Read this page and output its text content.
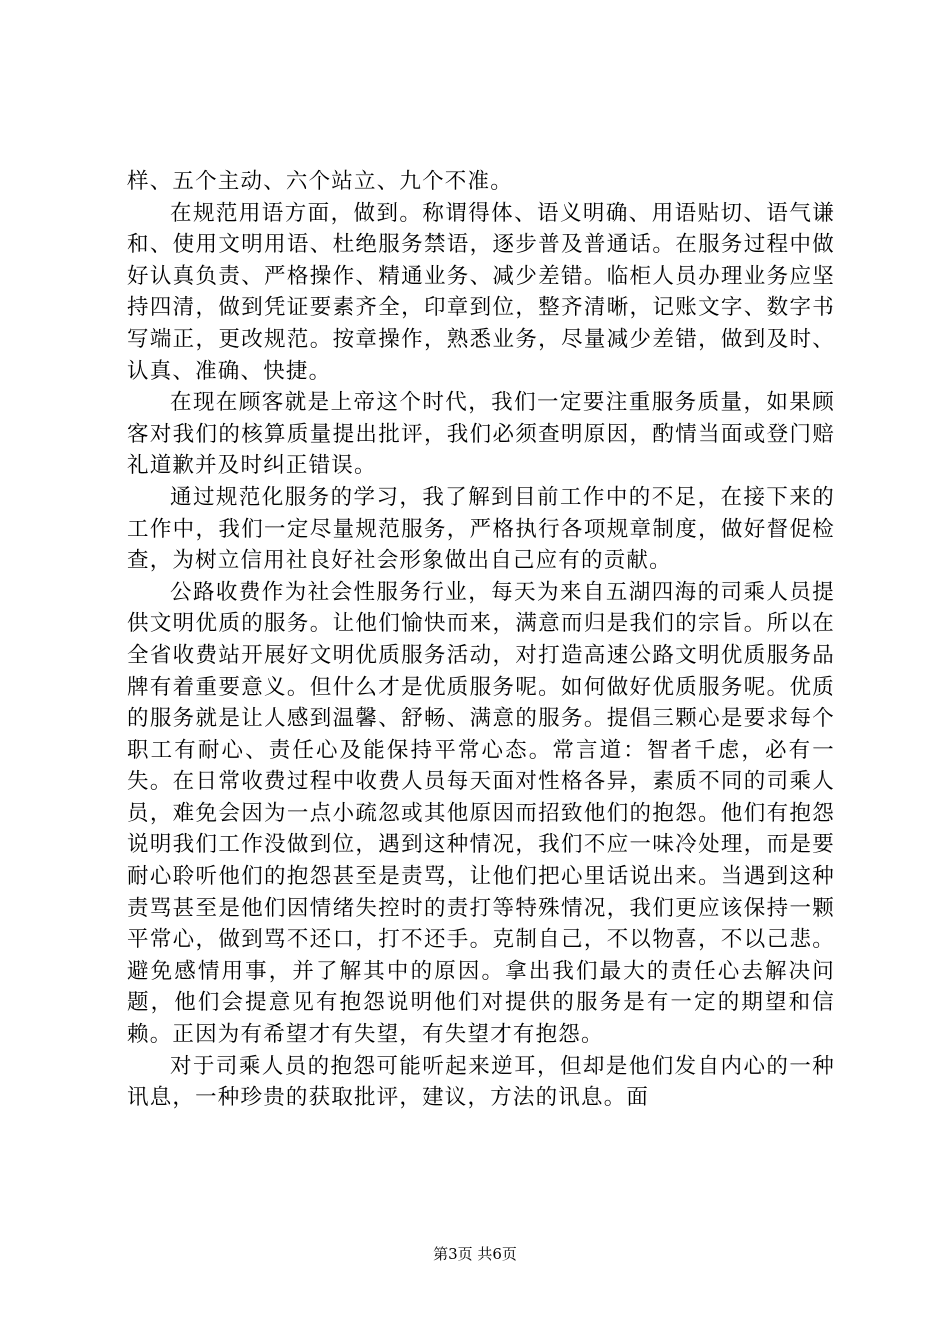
样、五个主动、六个站立、九个不准。

在规范用语方面，做到。称谓得体、语义明确、用语贴切、语气谦和、使用文明用语、杜绝服务禁语，逐步普及普通话。在服务过程中做好认真负责、严格操作、精通业务、减少差错。临柜人员办理业务应坚持四清，做到凭证要素齐全，印章到位，整齐清晰，记账文字、数字书写端正，更改规范。按章操作，熟悉业务，尽量减少差错，做到及时、认真、准确、快捷。

在现在顾客就是上帝这个时代，我们一定要注重服务质量，如果顾客对我们的核算质量提出批评，我们必须查明原因，酌情当面或登门赔礼道歉并及时纠正错误。

通过规范化服务的学习，我了解到目前工作中的不足，在接下来的工作中，我们一定尽量规范服务，严格执行各项规章制度，做好督促检查，为树立信用社良好社会形象做出自己应有的贡献。

公路收费作为社会性服务行业，每天为来自五湖四海的司乘人员提供文明优质的服务。让他们愉快而来，满意而归是我们的宗旨。所以在全省收费站开展好文明优质服务活动，对打造高速公路文明优质服务品牌有着重要意义。但什么才是优质服务呢。如何做好优质服务呢。优质的服务就是让人感到温馨、舒畅、满意的服务。提倡三颗心是要求每个职工有耐心、责任心及能保持平常心态。常言道：智者千虑，必有一失。在日常收费过程中收费人员每天面对性格各异，素质不同的司乘人员，难免会因为一点小疏忽或其他原因而招致他们的抱怨。他们有抱怨说明我们工作没做到位，遇到这种情况，我们不应一味冷处理，而是要耐心聆听他们的抱怨甚至是责骂，让他们把心里话说出来。当遇到这种责骂甚至是他们因情绪失控时的责打等特殊情况，我们更应该保持一颗平常心，做到骂不还口，打不还手。克制自己，不以物喜，不以己悲。避免感情用事，并了解其中的原因。拿出我们最大的责任心去解决问题，他们会提意见有抱怨说明他们对提供的服务是有一定的期望和信赖。正因为有希望才有失望，有失望才有抱怨。

对于司乘人员的抱怨可能听起来逆耳，但却是他们发自内心的一种讯息，一种珍贵的获取批评，建议，方法的讯息。面

第3页 共6页
